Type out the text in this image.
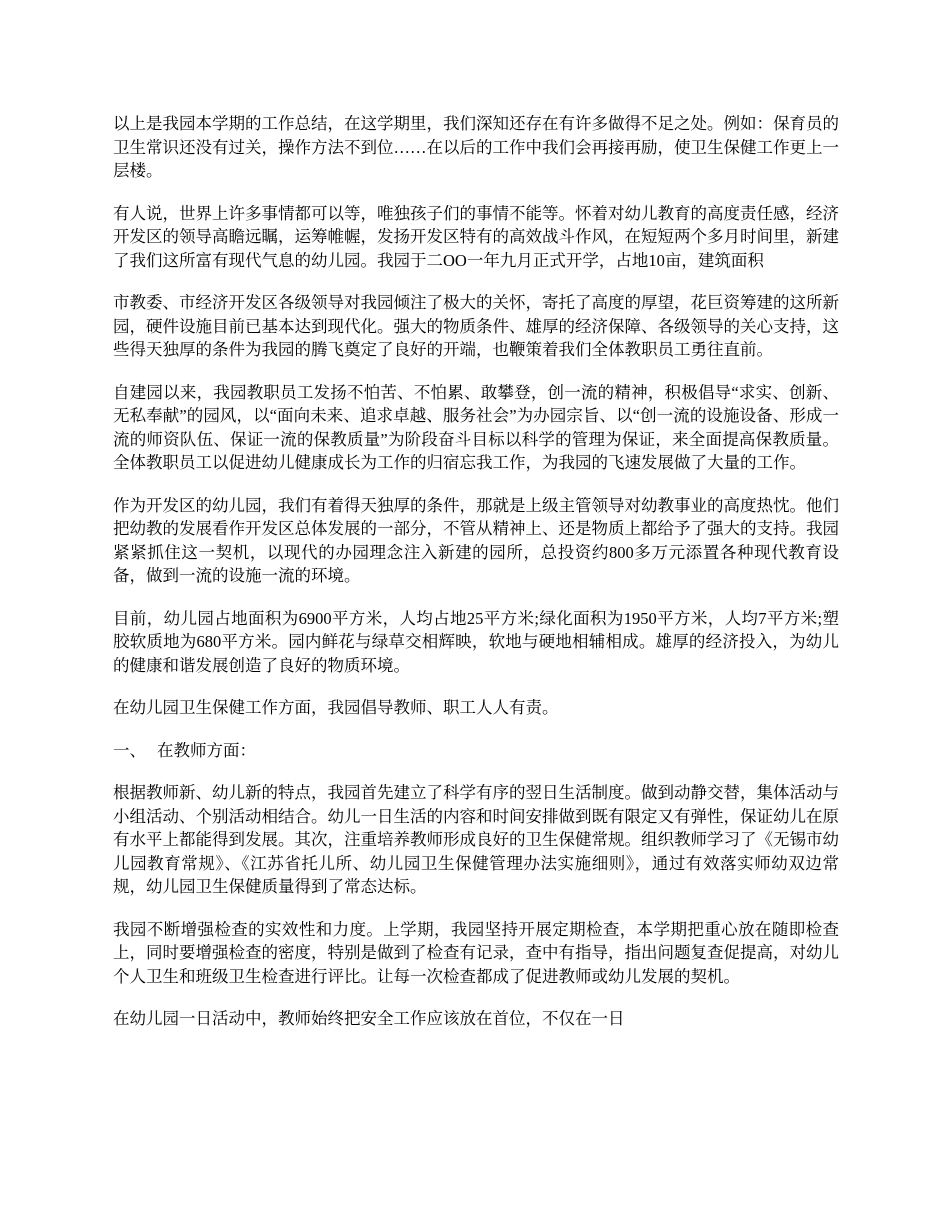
以上是我园本学期的工作总结，在这学期里，我们深知还存在有许多做得不足之处。例如：保育员的卫生常识还没有过关，操作方法不到位……在以后的工作中我们会再接再励，使卫生保健工作更上一层楼。

有人说，世界上许多事情都可以等，唯独孩子们的事情不能等。怀着对幼儿教育的高度责任感，经济开发区的领导高瞻远瞩，运筹帷幄，发扬开发区特有的高效战斗作风，在短短两个多月时间里，新建了我们这所富有现代气息的幼儿园。我园于二OO一年九月正式开学，占地10亩，建筑面积

市教委、市经济开发区各级领导对我园倾注了极大的关怀，寄托了高度的厚望，花巨资筹建的这所新园，硬件设施目前已基本达到现代化。强大的物质条件、雄厚的经济保障、各级领导的关心支持，这些得天独厚的条件为我园的腾飞奠定了良好的开端，也鞭策着我们全体教职员工勇往直前。

自建园以来，我园教职员工发扬不怕苦、不怕累、敢攀登，创一流的精神，积极倡导“求实、创新、无私奉献”的园风，以“面向未来、追求卓越、服务社会”为办园宗旨、以“创一流的设施设备、形成一流的师资队伍、保证一流的保教质量”为阶段奋斗目标以科学的管理为保证，来全面提高保教质量。全体教职员工以促进幼儿健康成长为工作的归宿忘我工作，为我园的飞速发展做了大量的工作。

作为开发区的幼儿园，我们有着得天独厚的条件，那就是上级主管领导对幼教事业的高度热忱。他们把幼教的发展看作开发区总体发展的一部分，不管从精神上、还是物质上都给予了强大的支持。我园紧紧抓住这一契机，以现代的办园理念注入新建的园所，总投资约800多万元添置各种现代教育设备，做到一流的设施一流的环境。

目前，幼儿园占地面积为6900平方米，人均占地25平方米;绿化面积为1950平方米，人均7平方米;塑胶软质地为680平方米。园内鲜花与绿草交相辉映，软地与硬地相辅相成。雄厚的经济投入，为幼儿的健康和谐发展创造了良好的物质环境。

在幼儿园卫生保健工作方面，我园倡导教师、职工人人有责。

一、 在教师方面：

根据教师新、幼儿新的特点，我园首先建立了科学有序的翌日生活制度。做到动静交替，集体活动与小组活动、个别活动相结合。幼儿一日生活的内容和时间安排做到既有限定又有弹性，保证幼儿在原有水平上都能得到发展。其次，注重培养教师形成良好的卫生保健常规。组织教师学习了《无锡市幼儿园教育常规》、《江苏省托儿所、幼儿园卫生保健管理办法实施细则》，通过有效落实师幼双边常规，幼儿园卫生保健质量得到了常态达标。

我园不断增强检查的实效性和力度。上学期，我园坚持开展定期检查，本学期把重心放在随即检查上，同时要增强检查的密度，特别是做到了检查有记录，查中有指导，指出问题复查促提高，对幼儿个人卫生和班级卫生检查进行评比。让每一次检查都成了促进教师或幼儿发展的契机。

在幼儿园一日活动中，教师始终把安全工作应该放在首位，不仅在一日
